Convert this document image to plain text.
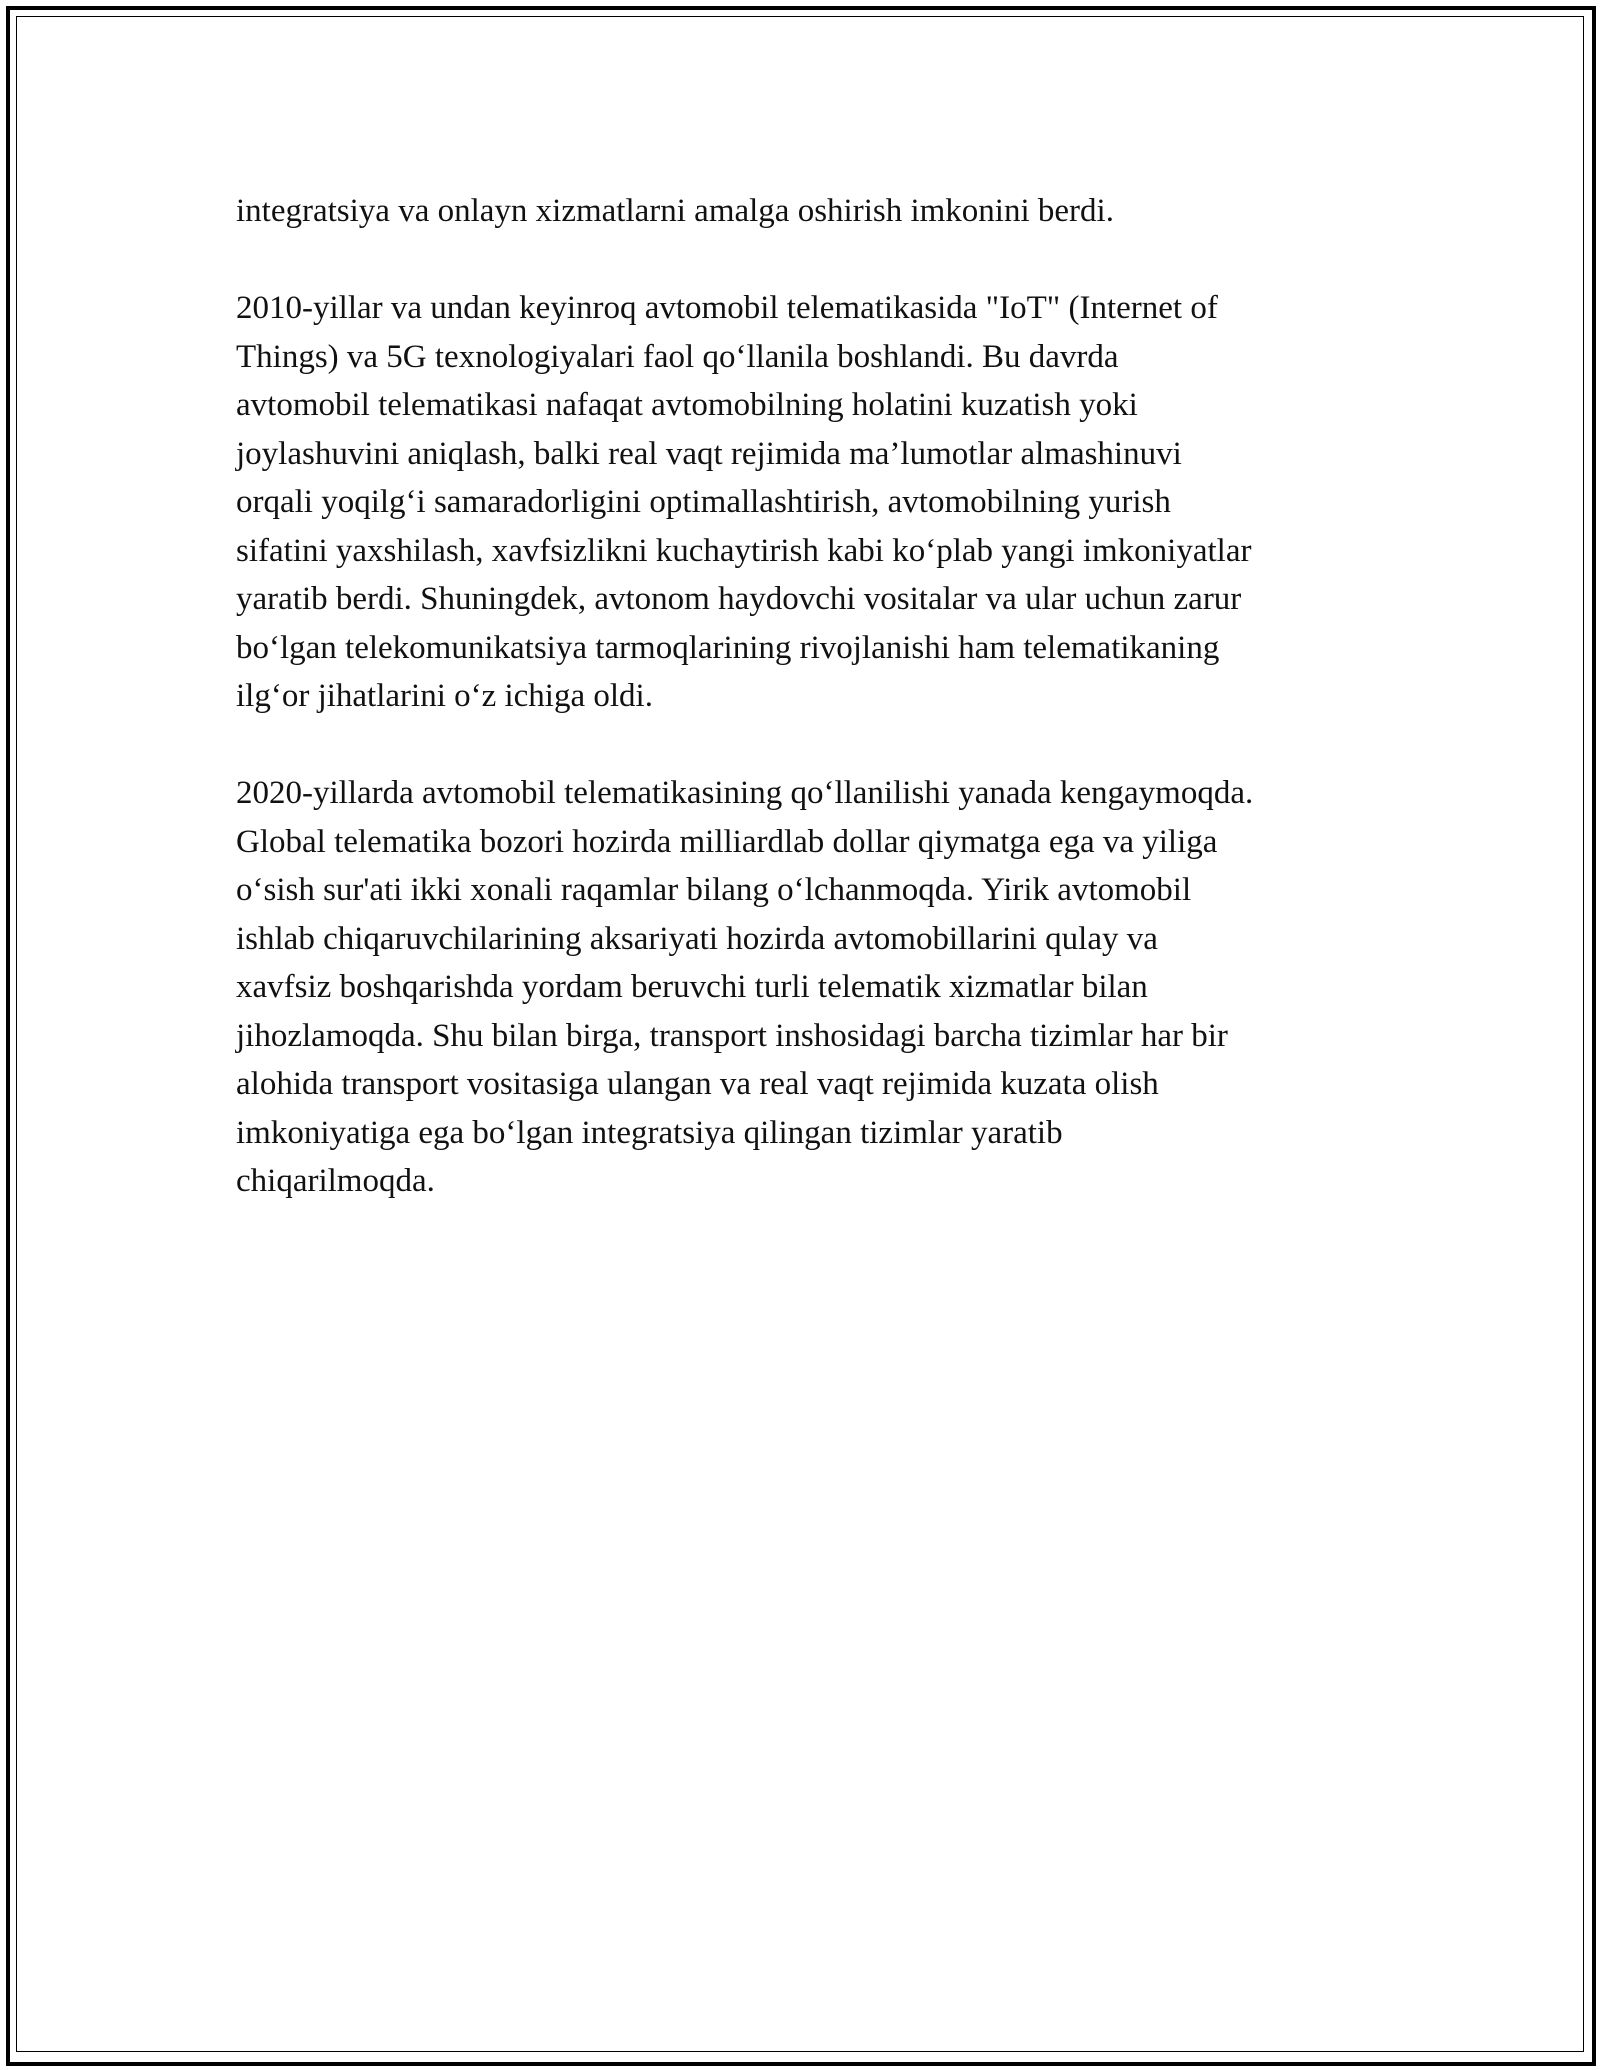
integratsiya va onlayn xizmatlarni amalga oshirish imkonini berdi.
2010-yillar va undan keyinroq avtomobil telematikasida "IoT" (Internet of
Things) va 5G texnologiyalari faol qo‘llanila boshlandi. Bu davrda
avtomobil telematikasi nafaqat avtomobilning holatini kuzatish yoki
joylashuvini aniqlash, balki real vaqt rejimida ma’lumotlar almashinuvi
orqali yoqilg‘i samaradorligini optimallashtirish, avtomobilning yurish
sifatini yaxshilash, xavfsizlikni kuchaytirish kabi ko‘plab yangi imkoniyatlar
yaratib berdi. Shuningdek, avtonom haydovchi vositalar va ular uchun zarur
bo‘lgan telekomunikatsiya tarmoqlarining rivojlanishi ham telematikaning
ilg‘or jihatlarini o‘z ichiga oldi.
2020-yillarda avtomobil telematikasining qo‘llanilishi yanada kengaymoqda.
Global telematika bozori hozirda milliardlab dollar qiymatga ega va yiliga
o‘sish sur'ati ikki xonali raqamlar bilang o‘lchanmoqda. Yirik avtomobil
ishlab chiqaruvchilarining aksariyati hozirda avtomobillarini qulay va
xavfsiz boshqarishda yordam beruvchi turli telematik xizmatlar bilan
jihozlamoqda. Shu bilan birga, transport inshosidagi barcha tizimlar har bir
alohida transport vositasiga ulangan va real vaqt rejimida kuzata olish
imkoniyatiga ega bo‘lgan integratsiya qilingan tizimlar yaratib
chiqarilmoqda.
